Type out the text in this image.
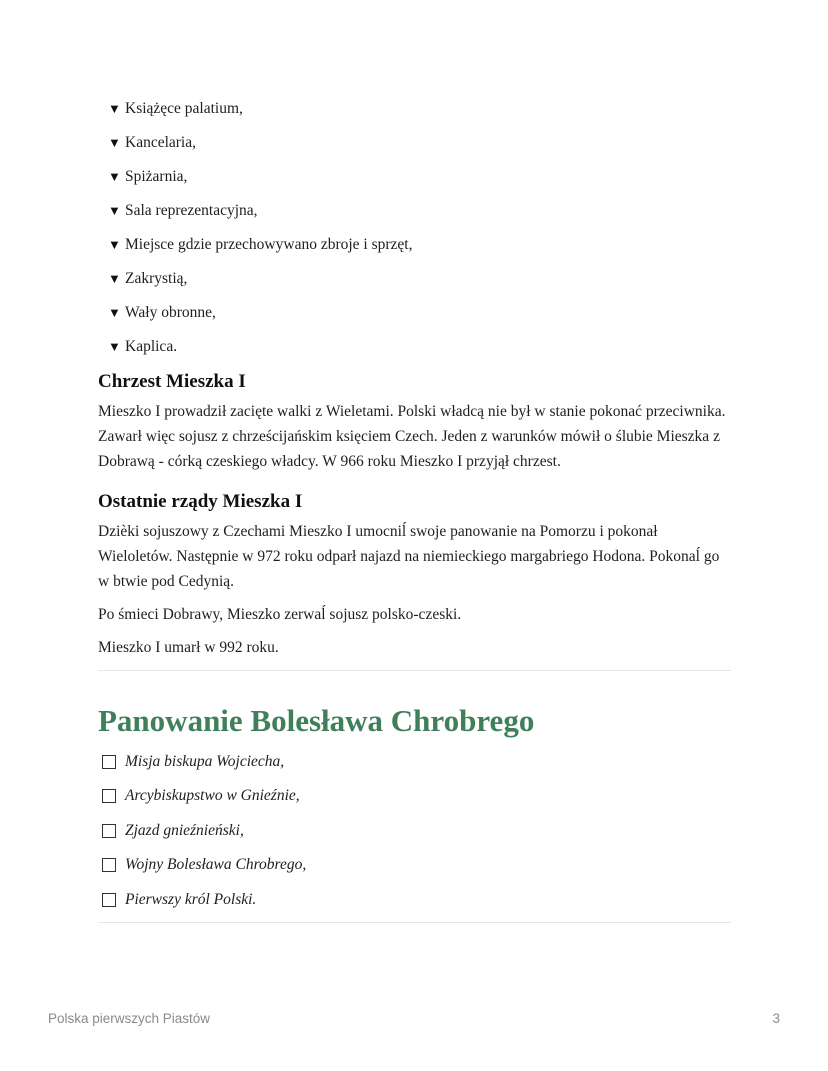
▼ Książęce palatium,
▼ Kancelaria,
▼ Spiżarnia,
▼ Sala reprezentacyjna,
▼ Miejsce gdzie przechowywano zbroje i sprzęt,
▼ Zakrystią,
▼ Wały obronne,
▼ Kaplica.
Chrzest Mieszka I

Mieszko I prowadził zacięte walki z Wieletami. Polski władcą nie był w stanie pokonać przeciwnika. Zawarł więc sojusz z chrześcijańskim księciem Czech. Jeden z warunków mówił o ślubie Mieszka z Dobrawą - córką czeskiego władcy. W 966 roku Mieszko I przyjął chrzest.

Ostatnie rządy Mieszka I

Dzièki sojuszowy z Czechami Mieszko I umocniĺ swoje panowanie na Pomorzu i pokonał Wieloletów. Następnie w 972 roku odparł najazd na niemieckiego margabriego Hodona. Pokonaĺ go w btwie pod Cedynią.

Po śmieci Dobrawy, Mieszko zerwaĺ sojusz polsko-czeski.

Mieszko I umarł w 992 roku.

Panowanie Bolesława Chrobrego
Misja biskupa Wojciecha,
Arcybiskupstwo w Gnieźnie,
Zjazd gnieźnieński,
Wojny Bolesława Chrobrego,
Pierwszy król Polski.
Polska pierwszych Piastów	3
